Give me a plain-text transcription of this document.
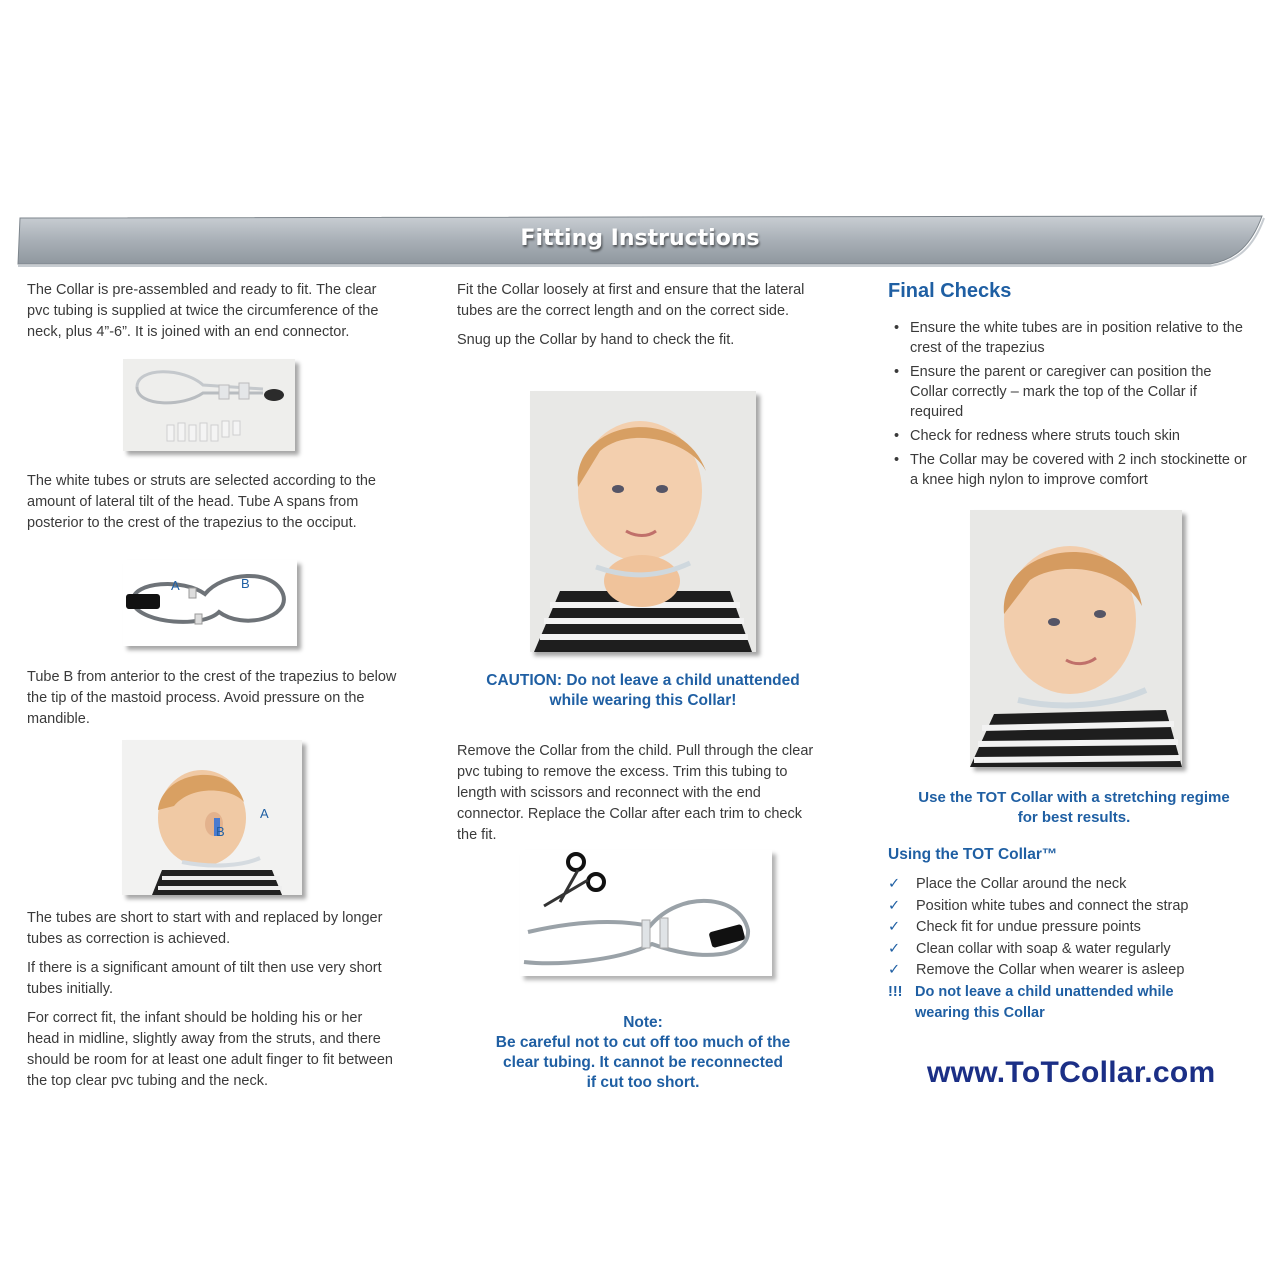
Fitting Instructions

The Collar is pre-assembled and ready to fit. The clear pvc tubing is supplied at twice the circumference of the neck, plus 4”-6”. It is joined with an end connector.

The white tubes or struts are selected according to the amount of lateral tilt of the head. Tube A spans from posterior to the crest of the trapezius to the occiput.

A	B

Tube B from anterior to the crest of the trapezius to below the tip of the mastoid process. Avoid pressure on the mandible.

A
B

The tubes are short to start with and replaced by longer tubes as correction is achieved.

If there is a significant amount of tilt then use very short tubes initially.

For correct fit, the infant should be holding his or her head in midline, slightly away from the struts, and there should be room for at least one adult finger to fit between the top clear pvc tubing and the neck.

Fit the Collar loosely at first and ensure that the lateral tubes are the correct length and on the correct side.

Snug up the Collar by hand to check the fit.

CAUTION: Do not leave a child unattended
while wearing this Collar!

Remove the Collar from the child. Pull through the clear pvc tubing to remove the excess. Trim this tubing to length with scissors and reconnect with the end connector. Replace the Collar after each trim to check the fit.

Note:
Be careful not to cut off too much of the
clear tubing. It cannot be reconnected
if cut too short.
Final Checks
• Ensure the white tubes are in position relative to the crest of the trapezius
• Ensure the parent or caregiver can position the Collar correctly – mark the top of the Collar if required
• Check for redness where struts touch skin
• The Collar may be covered with 2 inch stockinette or a knee high nylon to improve comfort
Use the TOT Collar with a stretching regime
for best results.
Using the TOT Collar™
✓ Place the Collar around the neck
✓ Position white tubes and connect the strap
✓ Check fit for undue pressure points
✓ Clean collar with soap & water regularly
✓ Remove the Collar when wearer is asleep
!!! Do not leave a child unattended while wearing this Collar
www.ToTCollar.com
